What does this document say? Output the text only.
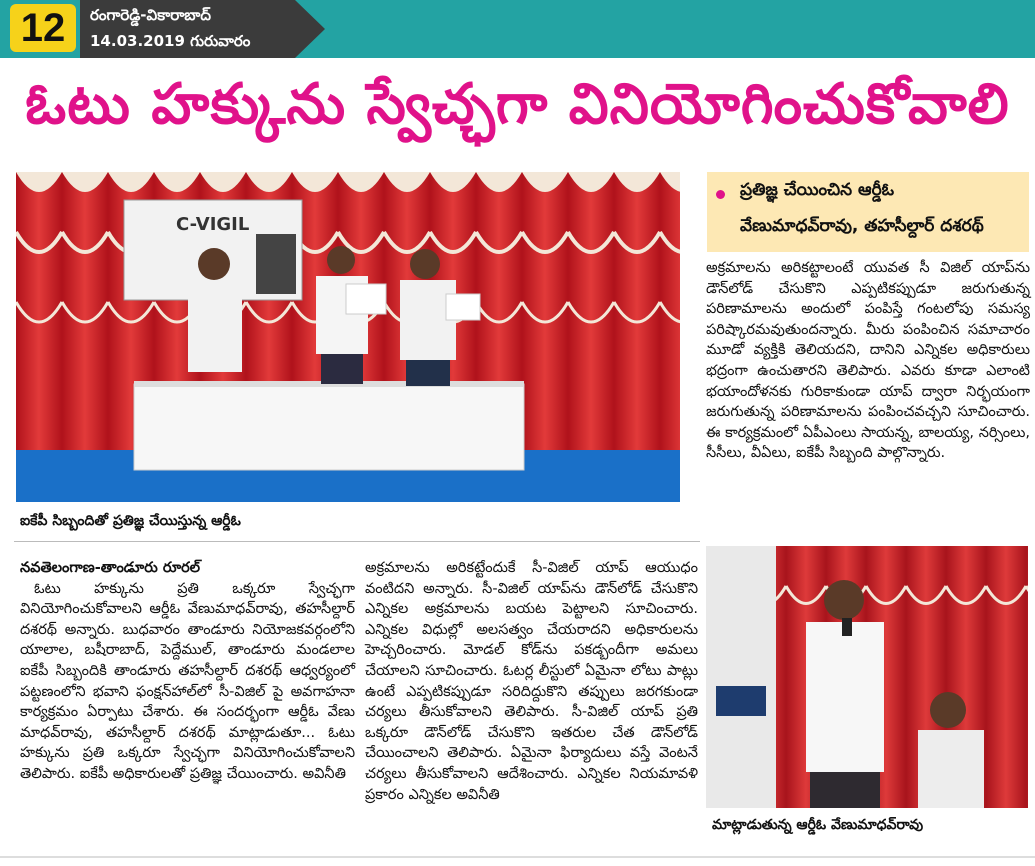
12	రంగారెడ్డి-వికారాబాద్
14.03.2019 గురువారం
ఓటు హక్కును స్వేచ్ఛగా వినియోగించుకోవాలి
C-VIGIL
ఐకేపీ సిబ్బందితో ప్రతిజ్ఞ చేయిస్తున్న ఆర్డీఓ
ప్రతిజ్ఞ చేయించిన ఆర్డీఓ
వేణుమాధవ్‌రావు, తహసీల్దార్ దశరథ్

అక్రమాలను అరికట్టాలంటే యువత సీ విజిల్ యాప్‌ను డౌన్‌లోడ్ చేసుకొని ఎప్పటికప్పుడూ జరుగుతున్న పరిణామాలను అందులో పంపిస్తే గంటలోపు సమస్య పరిష్కారమవుతుందన్నారు. మీరు పంపించిన సమాచారం మూడో వ్యక్తికి తెలియదని, దానిని ఎన్నికల అధికారులు భద్రంగా ఉంచుతారని తెలిపారు. ఎవరు కూడా ఎలాంటి భయాందోళనకు గురికాకుండా యాప్ ద్వారా నిర్భయంగా జరుగుతున్న పరిణామాలను పంపించవచ్చని సూచించారు. ఈ కార్యక్రమంలో ఏపీఎంలు సాయన్న, బాలయ్య, నర్సింలు, సీసీలు, వీఏలు, ఐకేపీ సిబ్బంది పాల్గొన్నారు.

నవతెలంగాణ-తాండూరు రూరల్

ఓటు హక్కును ప్రతి ఒక్కరూ స్వేచ్ఛగా వినియోగించుకోవాలని ఆర్డీఓ వేణుమాధవ్‌రావు, తహసీల్దార్ దశరథ్ అన్నారు. బుధవారం తాండూరు నియోజకవర్గంలోని యాలాల, బషీరాబాద్, పెద్దేముల్, తాండూరు మండలాల ఐకేపీ సిబ్బందికి తాండూరు తహసీల్దార్ దశరథ్ ఆధ్వర్యంలో పట్టణంలోని భవాని ఫంక్షన్‌హాల్‌లో సీ-విజిల్ పై అవగాహనా కార్యక్రమం ఏర్పాటు చేశారు. ఈ సందర్భంగా ఆర్డీఓ వేణు మాధవ్‌రావు, తహసీల్దార్ దశరథ్ మాట్లాడుతూ... ఓటు హక్కును ప్రతి ఒక్కరూ స్వేచ్ఛగా వినియోగించుకోవాలని తెలిపారు. ఐకేపీ అధికారులతో ప్రతిజ్ఞ చేయించారు. అవినీతి

అక్రమాలను అరికట్టేందుకే సీ-విజిల్ యాప్ ఆయుధం వంటిదని అన్నారు. సీ-విజిల్ యాప్‌ను డౌన్‌లోడ్ చేసుకొని ఎన్నికల అక్రమాలను బయట పెట్టాలని సూచించారు. ఎన్నికల విధుల్లో అలసత్వం చేయరాదని అధికారులను హెచ్చరించారు. మోడల్ కోడ్‌ను పకడ్బందీగా అమలు చేయాలని సూచించారు. ఓటర్ల లీస్టులో ఏమైనా లోటు పాట్లు ఉంటే ఎప్పటికప్పుడూ సరిదిద్దుకొని తప్పులు జరగకుండా చర్యలు తీసుకోవాలని తెలిపారు. సీ-విజిల్ యాప్ ప్రతి ఒక్కరూ డౌన్‌లోడ్ చేసుకొని ఇతరుల చేత డౌన్‌లోడ్ చేయించాలని తెలిపారు. ఏమైనా ఫిర్యాదులు వస్తే వెంటనే చర్యలు తీసుకోవాలని ఆదేశించారు. ఎన్నికల నియమావళి ప్రకారం ఎన్నికల అవినీతి

మాట్లాడుతున్న ఆర్డీఓ వేణుమాధవ్‌రావు
